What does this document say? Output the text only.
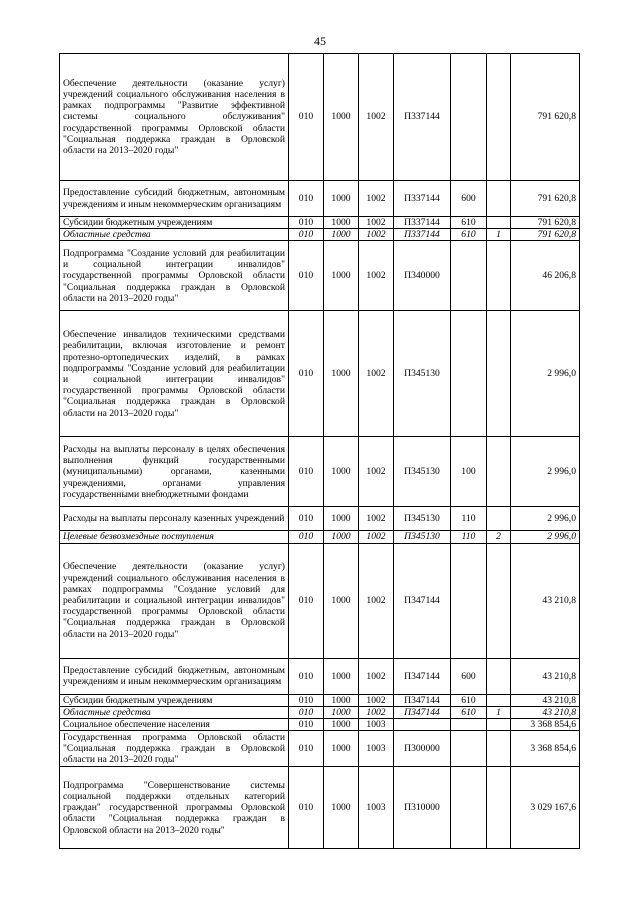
45
Обеспечение деятельности (оказание услуг) учреждений социального обслуживания населения в рамках подпрограммы "Развитие эффективной системы социального обслуживания" государственной программы Орловской области "Социальная поддержка граждан в Орловской области на 2013–2020 годы"	010	1000	1002	П337144			791 620,8
Предоставление субсидий бюджетным, автономным учреждениям и иным некоммерческим организациям	010	1000	1002	П337144	600		791 620,8
Субсидии бюджетным учреждениям	010	1000	1002	П337144	610		791 620,8
Областные средства	010	1000	1002	П337144	610	1	791 620,8
Подпрограмма "Создание условий для реабилитации и социальной интеграции инвалидов" государственной программы Орловской области "Социальная поддержка граждан в Орловской области на 2013–2020 годы"	010	1000	1002	П340000			46 206,8
Обеспечение инвалидов техническими средствами реабилитации, включая изготовление и ремонт протезно-ортопедических изделий, в рамках подпрограммы "Создание условий для реабилитации и социальной интеграции инвалидов" государственной программы Орловской области "Социальная поддержка граждан в Орловской области на 2013–2020 годы"	010	1000	1002	П345130			2 996,0
Расходы на выплаты персоналу в целях обеспечения выполнения функций государственными (муниципальными) органами, казенными учреждениями, органами управления государственными внебюджетными фондами	010	1000	1002	П345130	100		2 996,0
Расходы на выплаты персоналу казенных учреждений	010	1000	1002	П345130	110		2 996,0
Целевые безвозмездные поступления	010	1000	1002	П345130	110	2	2 996,0
Обеспечение деятельности (оказание услуг) учреждений социального обслуживания населения в рамках подпрограммы "Создание условий для реабилитации и социальной интеграции инвалидов" государственной программы Орловской области "Социальная поддержка граждан в Орловской области на 2013–2020 годы"	010	1000	1002	П347144			43 210,8
Предоставление субсидий бюджетным, автономным учреждениям и иным некоммерческим организациям	010	1000	1002	П347144	600		43 210,8
Субсидии бюджетным учреждениям	010	1000	1002	П347144	610		43 210,8
Областные средства	010	1000	1002	П347144	610	1	43 210,8
Социальное обеспечение населения	010	1000	1003				3 368 854,6
Государственная программа Орловской области "Социальная поддержка граждан в Орловской области на 2013–2020 годы"	010	1000	1003	П300000			3 368 854,6
Подпрограмма "Совершенствование системы социальной поддержки отдельных категорий граждан" государственной программы Орловской области "Социальная поддержка граждан в Орловской области на 2013–2020 годы"	010	1000	1003	П310000			3 029 167,6
